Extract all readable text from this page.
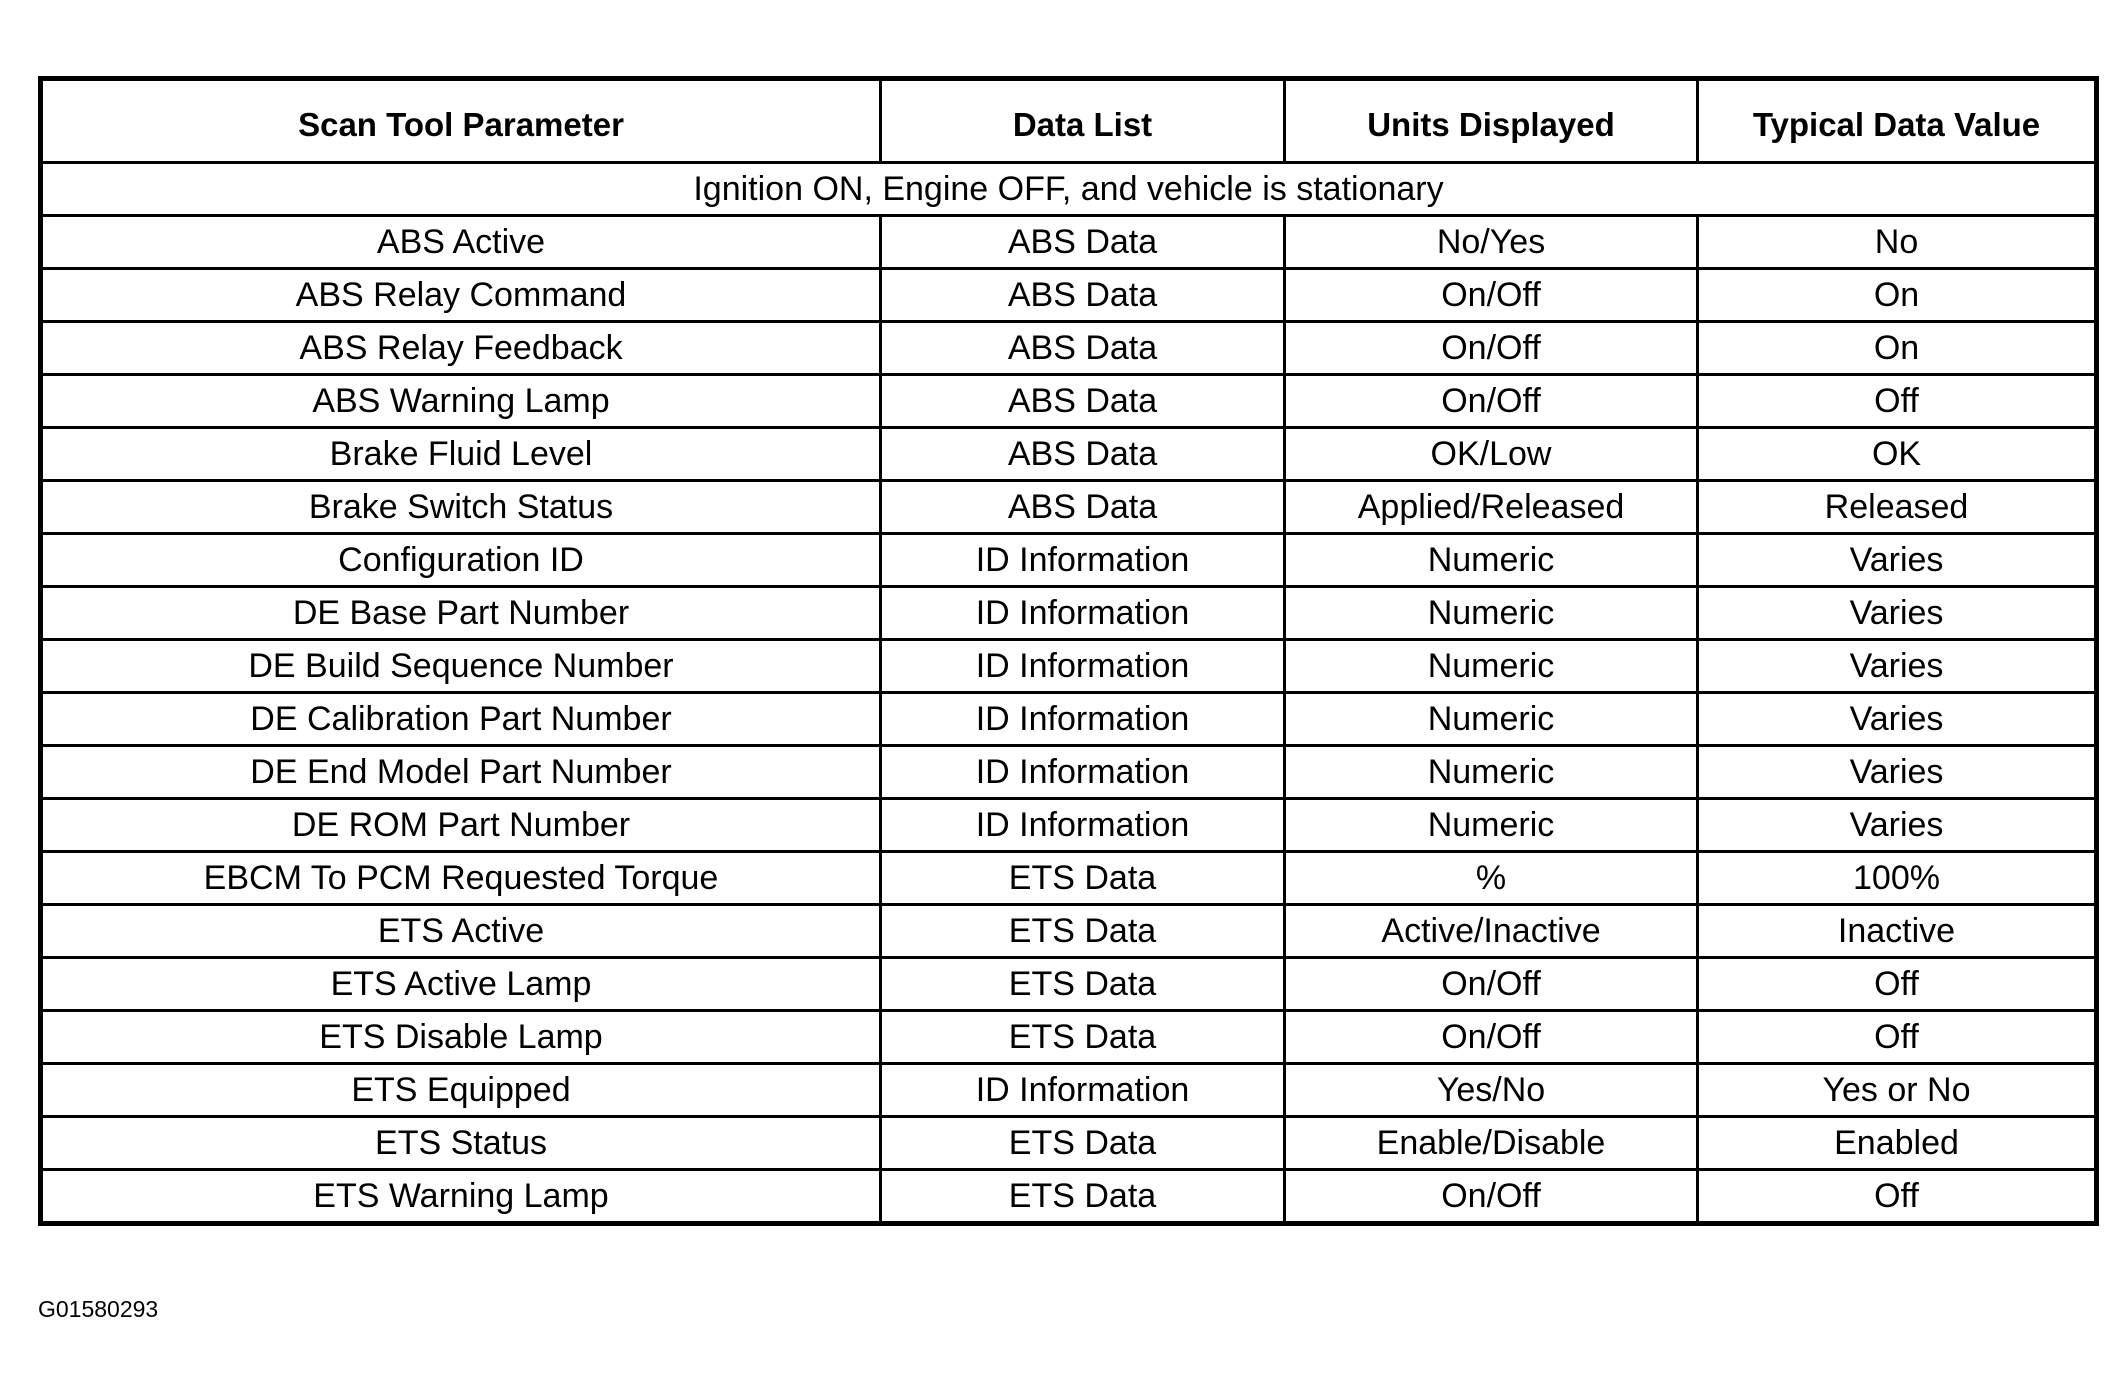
Scan Tool Parameter	Data List	Units Displayed	Typical Data Value
Ignition ON, Engine OFF, and vehicle is stationary			
ABS Active	ABS Data	No/Yes	No
ABS Relay Command	ABS Data	On/Off	On
ABS Relay Feedback	ABS Data	On/Off	On
ABS Warning Lamp	ABS Data	On/Off	Off
Brake Fluid Level	ABS Data	OK/Low	OK
Brake Switch Status	ABS Data	Applied/Released	Released
Configuration ID	ID Information	Numeric	Varies
DE Base Part Number	ID Information	Numeric	Varies
DE Build Sequence Number	ID Information	Numeric	Varies
DE Calibration Part Number	ID Information	Numeric	Varies
DE End Model Part Number	ID Information	Numeric	Varies
DE ROM Part Number	ID Information	Numeric	Varies
EBCM To PCM Requested Torque	ETS Data	%	100%
ETS Active	ETS Data	Active/Inactive	Inactive
ETS Active Lamp	ETS Data	On/Off	Off
ETS Disable Lamp	ETS Data	On/Off	Off
ETS Equipped	ID Information	Yes/No	Yes or No
ETS Status	ETS Data	Enable/Disable	Enabled
ETS Warning Lamp	ETS Data	On/Off	Off
G01580293
